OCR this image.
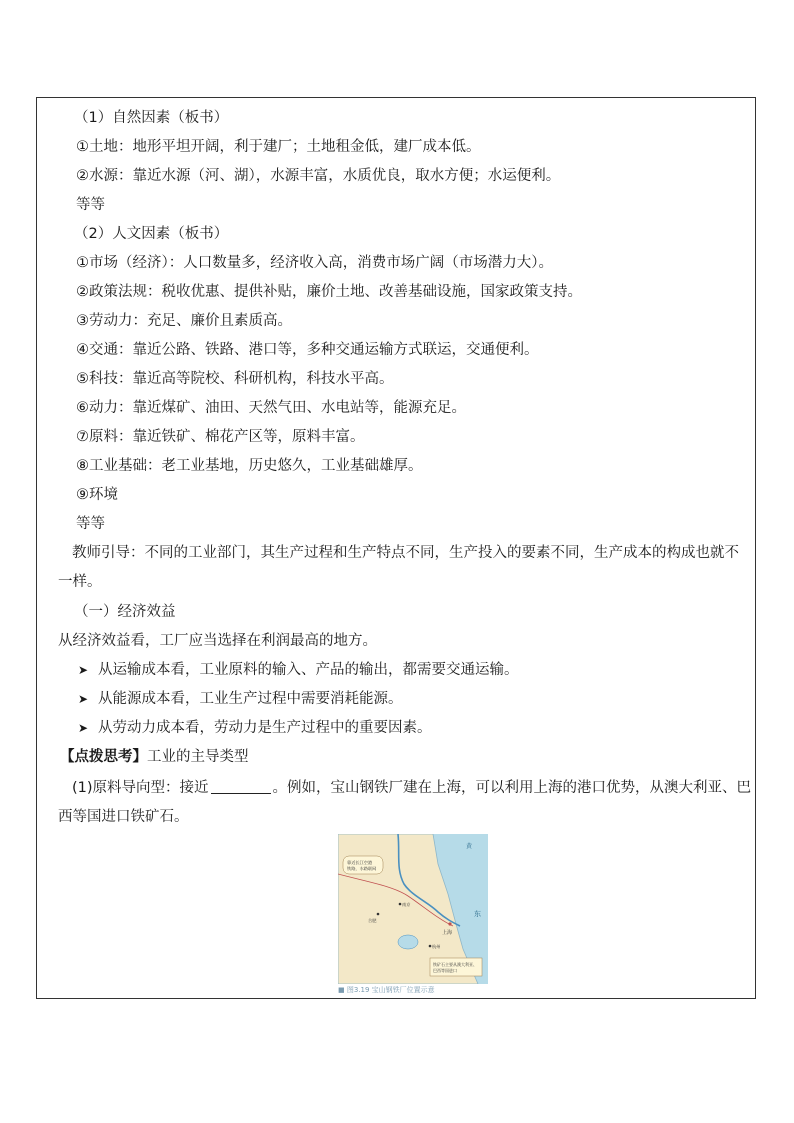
（1）自然因素（板书）
①土地：地形平坦开阔，利于建厂；土地租金低，建厂成本低。
②水源：靠近水源（河、湖），水源丰富，水质优良，取水方便；水运便利。
等等
（2）人文因素（板书）
①市场（经济）：人口数量多，经济收入高，消费市场广阔（市场潜力大）。
②政策法规：税收优惠、提供补贴，廉价土地、改善基础设施，国家政策支持。
③劳动力：充足、廉价且素质高。
④交通：靠近公路、铁路、港口等，多种交通运输方式联运，交通便利。
⑤科技：靠近高等院校、科研机构，科技水平高。
⑥动力：靠近煤矿、油田、天然气田、水电站等，能源充足。
⑦原料：靠近铁矿、棉花产区等，原料丰富。
⑧工业基础：老工业基地，历史悠久，工业基础雄厚。
⑨环境
等等
教师引导：不同的工业部门，其生产过程和生产特点不同，生产投入的要素不同，生产成本的构成也就不一样。
（一）经济效益
从经济效益看，工厂应当选择在利润最高的地方。
➤ 从运输成本看，工业原料的输入、产品的输出，都需要交通运输。
➤ 从能源成本看，工业生产过程中需要消耗能源。
➤ 从劳动力成本看，劳动力是生产过程中的重要因素。
【点拨思考】工业的主导类型
(1)原料导向型：接近	。例如，宝山钢铁厂建在上海，可以利用上海的港口优势，从澳大利亚、巴西等国进口铁矿石。
靠近长江空港
铁路，水路联网
铁矿石主要从澳大利亚、
巴西等国进口
上海
南京
杭州
合肥
黄
东
■ 图3.19 宝山钢铁厂位置示意
